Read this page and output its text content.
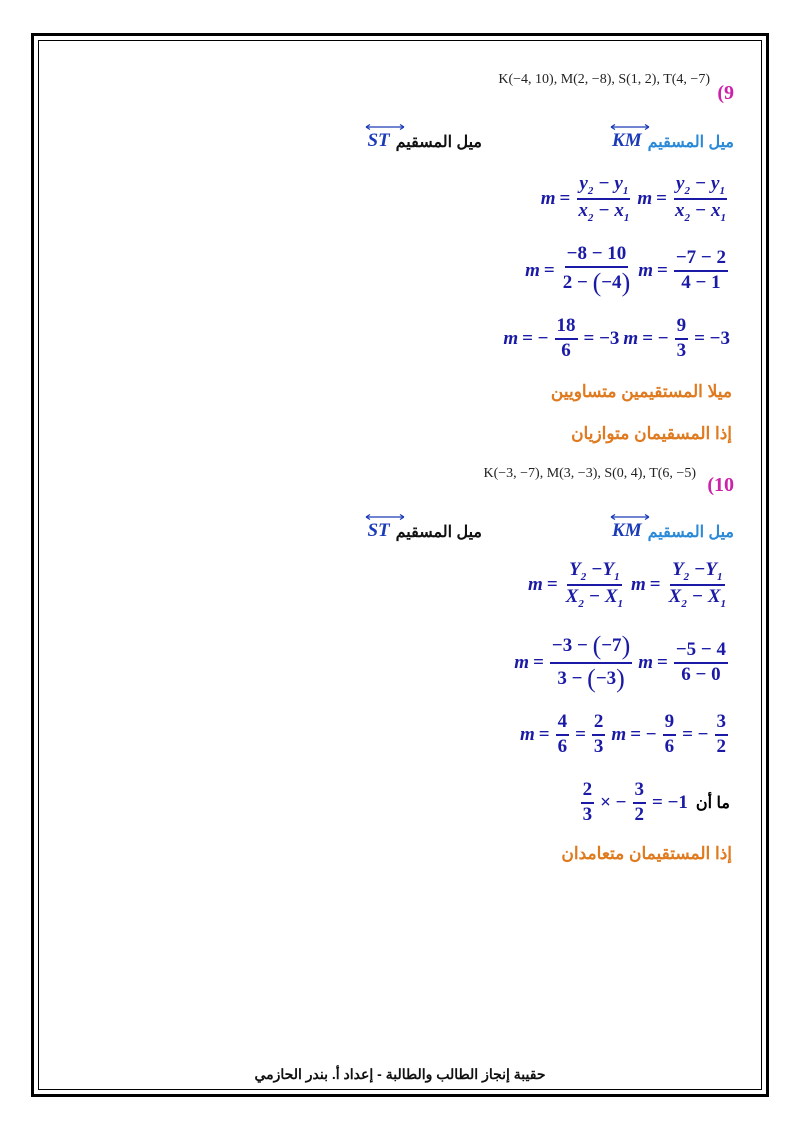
K(−4, 10), M(2, −8), S(1, 2), T(4, −7)
(9
KM ميل المسقيم
ST ميل المسقيم
$m = \frac{y_2 - y_1}{x_2 - x_1}$ $m = \frac{y_2 - y_1}{x_2 - x_1}$
$m = \frac{-8 - 10}{2 - (-4)}$ $m = \frac{-7 - 2}{4 - 1}$
m = − $\frac{18}{6} = -3$ m = − $\frac{9}{3} = -3$
ميلا المستقيمين متساويين
إذا المسقيمان متوازيان
K(−3, −7), M(3, −3), S(0, 4), T(6, −5)
(10
KM ميل المسقيم
ST ميل المسقيم
$m = \frac{Y_2 -Y_1}{X_2 - X_1}$ $m = \frac{Y_2 -Y_1}{X_2 - X_1}$
$m = \frac{-3 - (-7)}{3 - (-3)}$ $m = \frac{-5 - 4}{6 - 0}$
$m = \frac{4}{6} = \frac{2}{3}$ m = − $\frac{9}{6}$ = − $\frac{3}{2}$
$\frac{2}{3}$ × − $\frac{3}{2} = -1$ ما أن
إذا المستقيمان متعامدان
حقيبة إنجاز الطالب والطالبة - إعداد أ. بندر الحازمي
